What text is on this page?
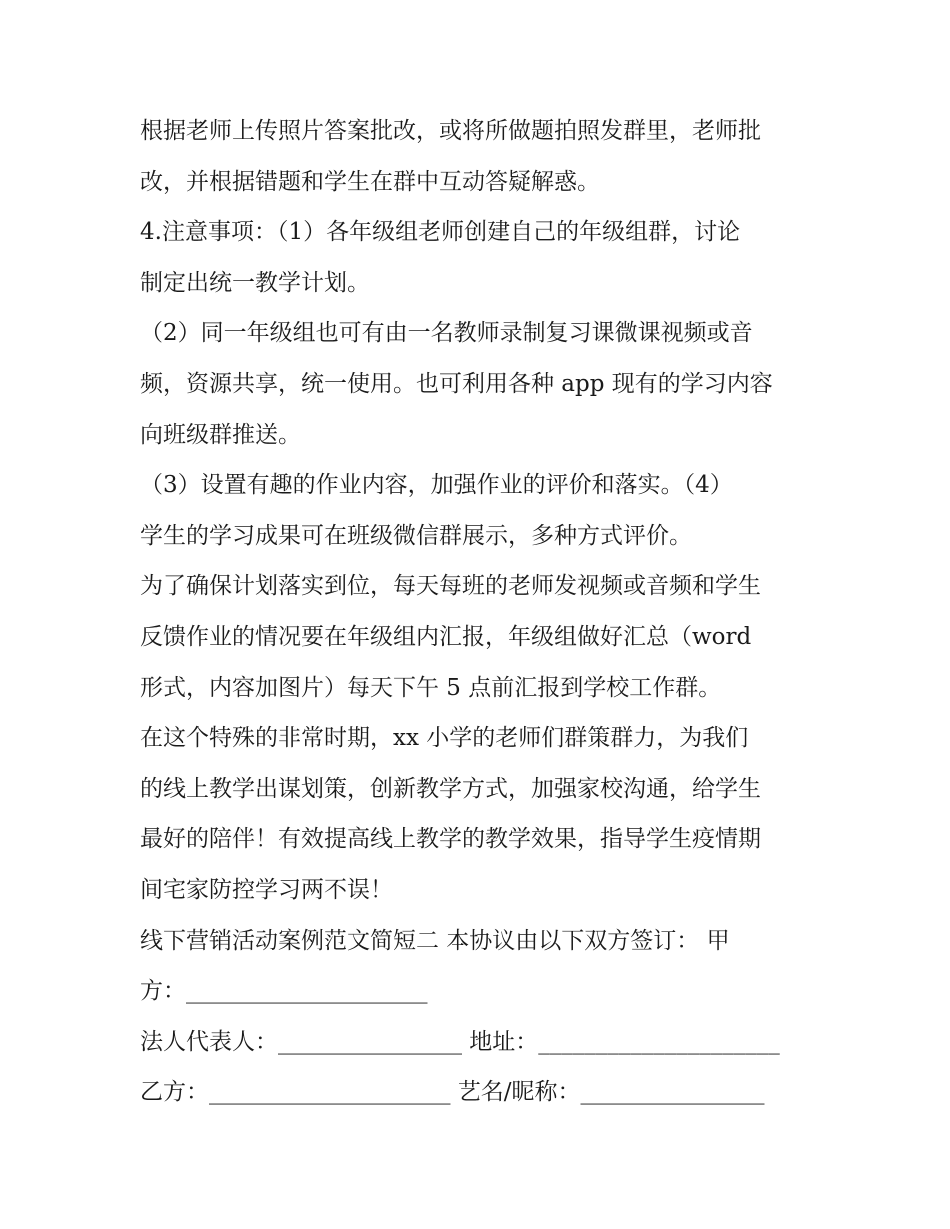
根据老师上传照片答案批改，或将所做题拍照发群里，老师批
改，并根据错题和学生在群中互动答疑解惑。
4.注意事项：（1）各年级组老师创建自己的年级组群，讨论
制定出统一教学计划。
（2）同一年级组也可有由一名教师录制复习课微课视频或音
频，资源共享，统一使用。也可利用各种 app 现有的学习内容
向班级群推送。
（3）设置有趣的作业内容，加强作业的评价和落实。（4）
学生的学习成果可在班级微信群展示，多种方式评价。
为了确保计划落实到位，每天每班的老师发视频或音频和学生
反馈作业的情况要在年级组内汇报，年级组做好汇总（word
形式，内容加图片）每天下午 5 点前汇报到学校工作群。
在这个特殊的非常时期，xx 小学的老师们群策群力，为我们
的线上教学出谋划策，创新教学方式，加强家校沟通，给学生
最好的陪伴！有效提高线上教学的教学效果，指导学生疫情期
间宅家防控学习两不误！
线下营销活动案例范文简短二 本协议由以下双方签订： 甲
方：_____________________
法人代表人：________________ 地址：_____________________
乙方：_____________________ 艺名/昵称：________________
